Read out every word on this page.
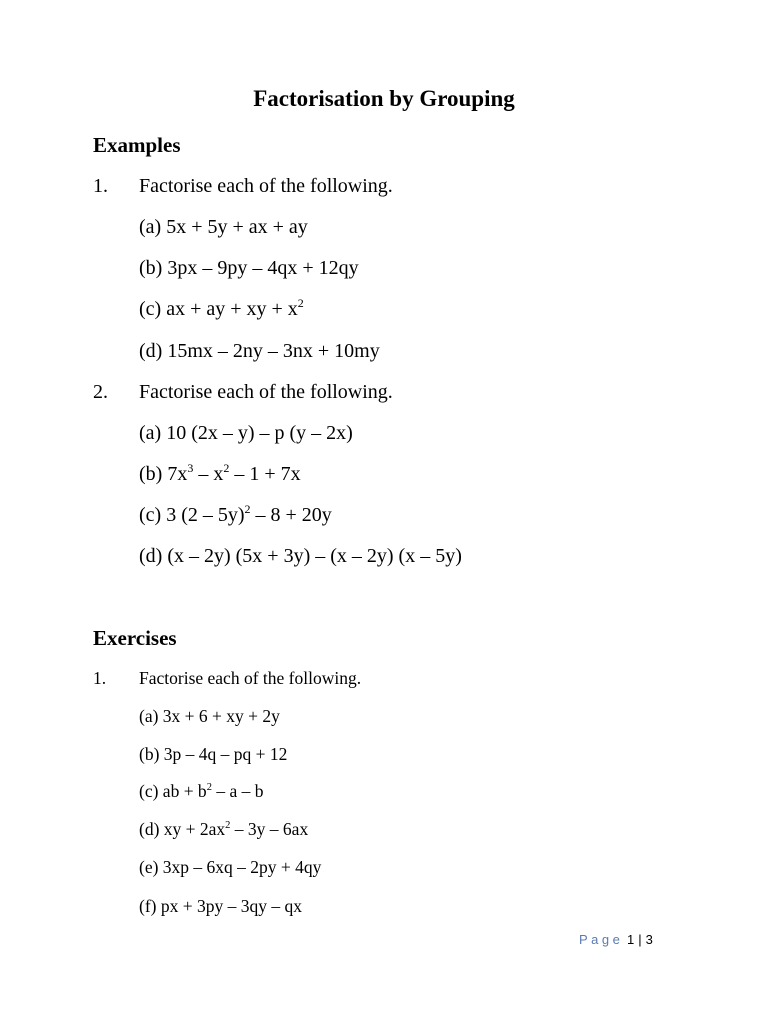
Factorisation by Grouping
Examples
1. Factorise each of the following.
(a) 5x + 5y + ax + ay
(b) 3px – 9py – 4qx + 12qy
(c) ax + ay + xy + $x^2$
(d) 15mx – 2ny – 3nx + 10my
2. Factorise each of the following.
(a) 10 (2x – y) – p (y – 2x)
(b) $7x^3 - x^2 - 1 + 7x$
(c) 3 (2 – 5y)$^2$ – 8 + 20y
(d) (x – 2y) (5x + 3y) – (x – 2y) (x – 5y)
Exercises
1. Factorise each of the following.
(a) 3x + 6 + xy + 2y
(b) 3p – 4q – pq + 12
(c) ab + $b^2$ – a – b
(d) xy + $2ax^2 - 3y - 6ax$
(e) 3xp – 6xq – 2py + 4qy
(f) px + 3py – 3qy – qx
Page 1 | 3
